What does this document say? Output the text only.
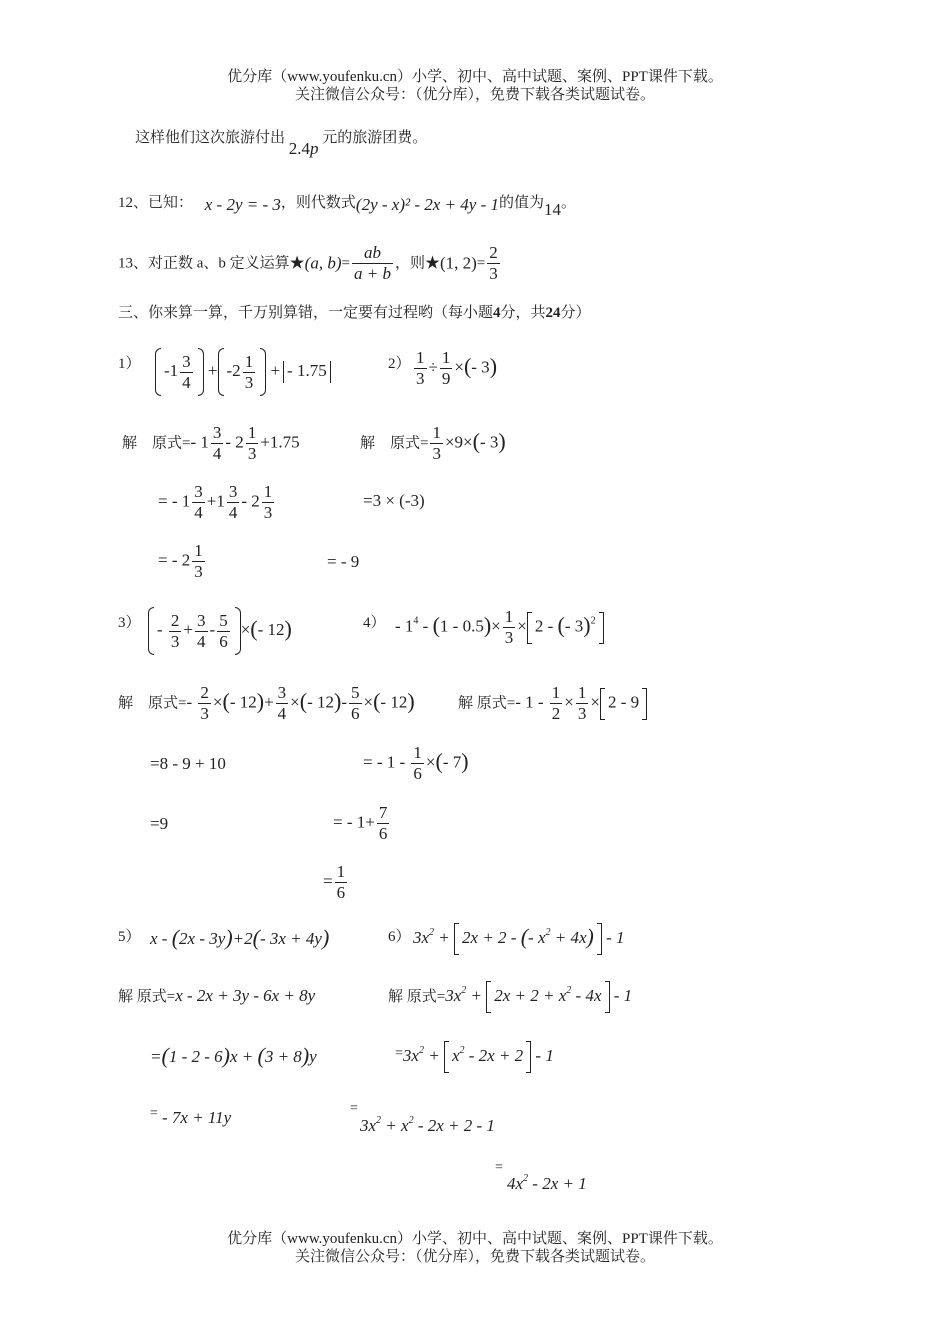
优分库（www.youfenku.cn）小学、初中、高中试题、案例、PPT课件下载。
关注微信公众号：（优分库），免费下载各类试题试卷。
这样他们这次旅游付出 2.4p 元的旅游团费。
12、已知： x - 2y = - 3，则代数式(2y - x)² - 2x + 4y - 1的值为14。
13、对正数 a、b 定义运算★(a, $b)= \frac{ab}{a + b}$ ，则★(1, $2)= \frac{2}{3}$
三、你来算一算，千万别算错，一定要有过程哟（每小题4分，共24分）
1）	$-1 \frac{3}{4} + -2 \frac{1}{3}$ + - 1.75	$2) \frac{1}{3} \div \frac{1}{9}$ ×(- 3)
解　原式=- $1 \frac{3}{4} - 2 \frac{1}{3} +1.75$
= - $1 \frac{3}{4} +1 \frac{3}{4} - 2 \frac{1}{3}$
= - $2 \frac{1}{3}$
解　原式= $\frac{1}{3} \times 9\times(-$ 3)
=3 × (-3)
= - 9
$3) - \frac{2}{3} + \frac{3}{4} - \frac{5}{6}$ ×(- 12)	$4) - 1^4 - (1 - 0.5)\times \frac{1}{3} \times 2$ - (- 3)$^2$
解　原式=- $\frac{2}{3}$ ×(- $12)+ \frac{3}{4}$ ×(- $12)- \frac{5}{6}$ ×(- 12)
=8 - 9 + 10
=9
解 原式=- $1 - \frac{1}{2} \times \frac{1}{3} \times 2 - 9$
= - $1 - \frac{1}{6}$ ×(- 7)
= - $1+ \frac{7}{6}$
= $\frac{1}{6}$
5） x - (2x - 3y)+2(- 3x + 4y)	6） $3x^2 + 2x + 2$ - (- $x^2 + 4x) - 1$
解 原式=x - 2x + 3y - 6x + 8y
=(1 - 2 - 6)x + (3 + 8)y
= - 7x + 11y
解 原式$=3x^2 + 2x + 2 + x^2 - 4x - 1$
$^=3x^2 + x^2 - 2x + 2 - 1$
=
$3x^2 + x^2 - 2x + 2 - 1$
=
$4x^2 - 2x + 1$
优分库（www.youfenku.cn）小学、初中、高中试题、案例、PPT课件下载。
关注微信公众号：（优分库），免费下载各类试题试卷。
